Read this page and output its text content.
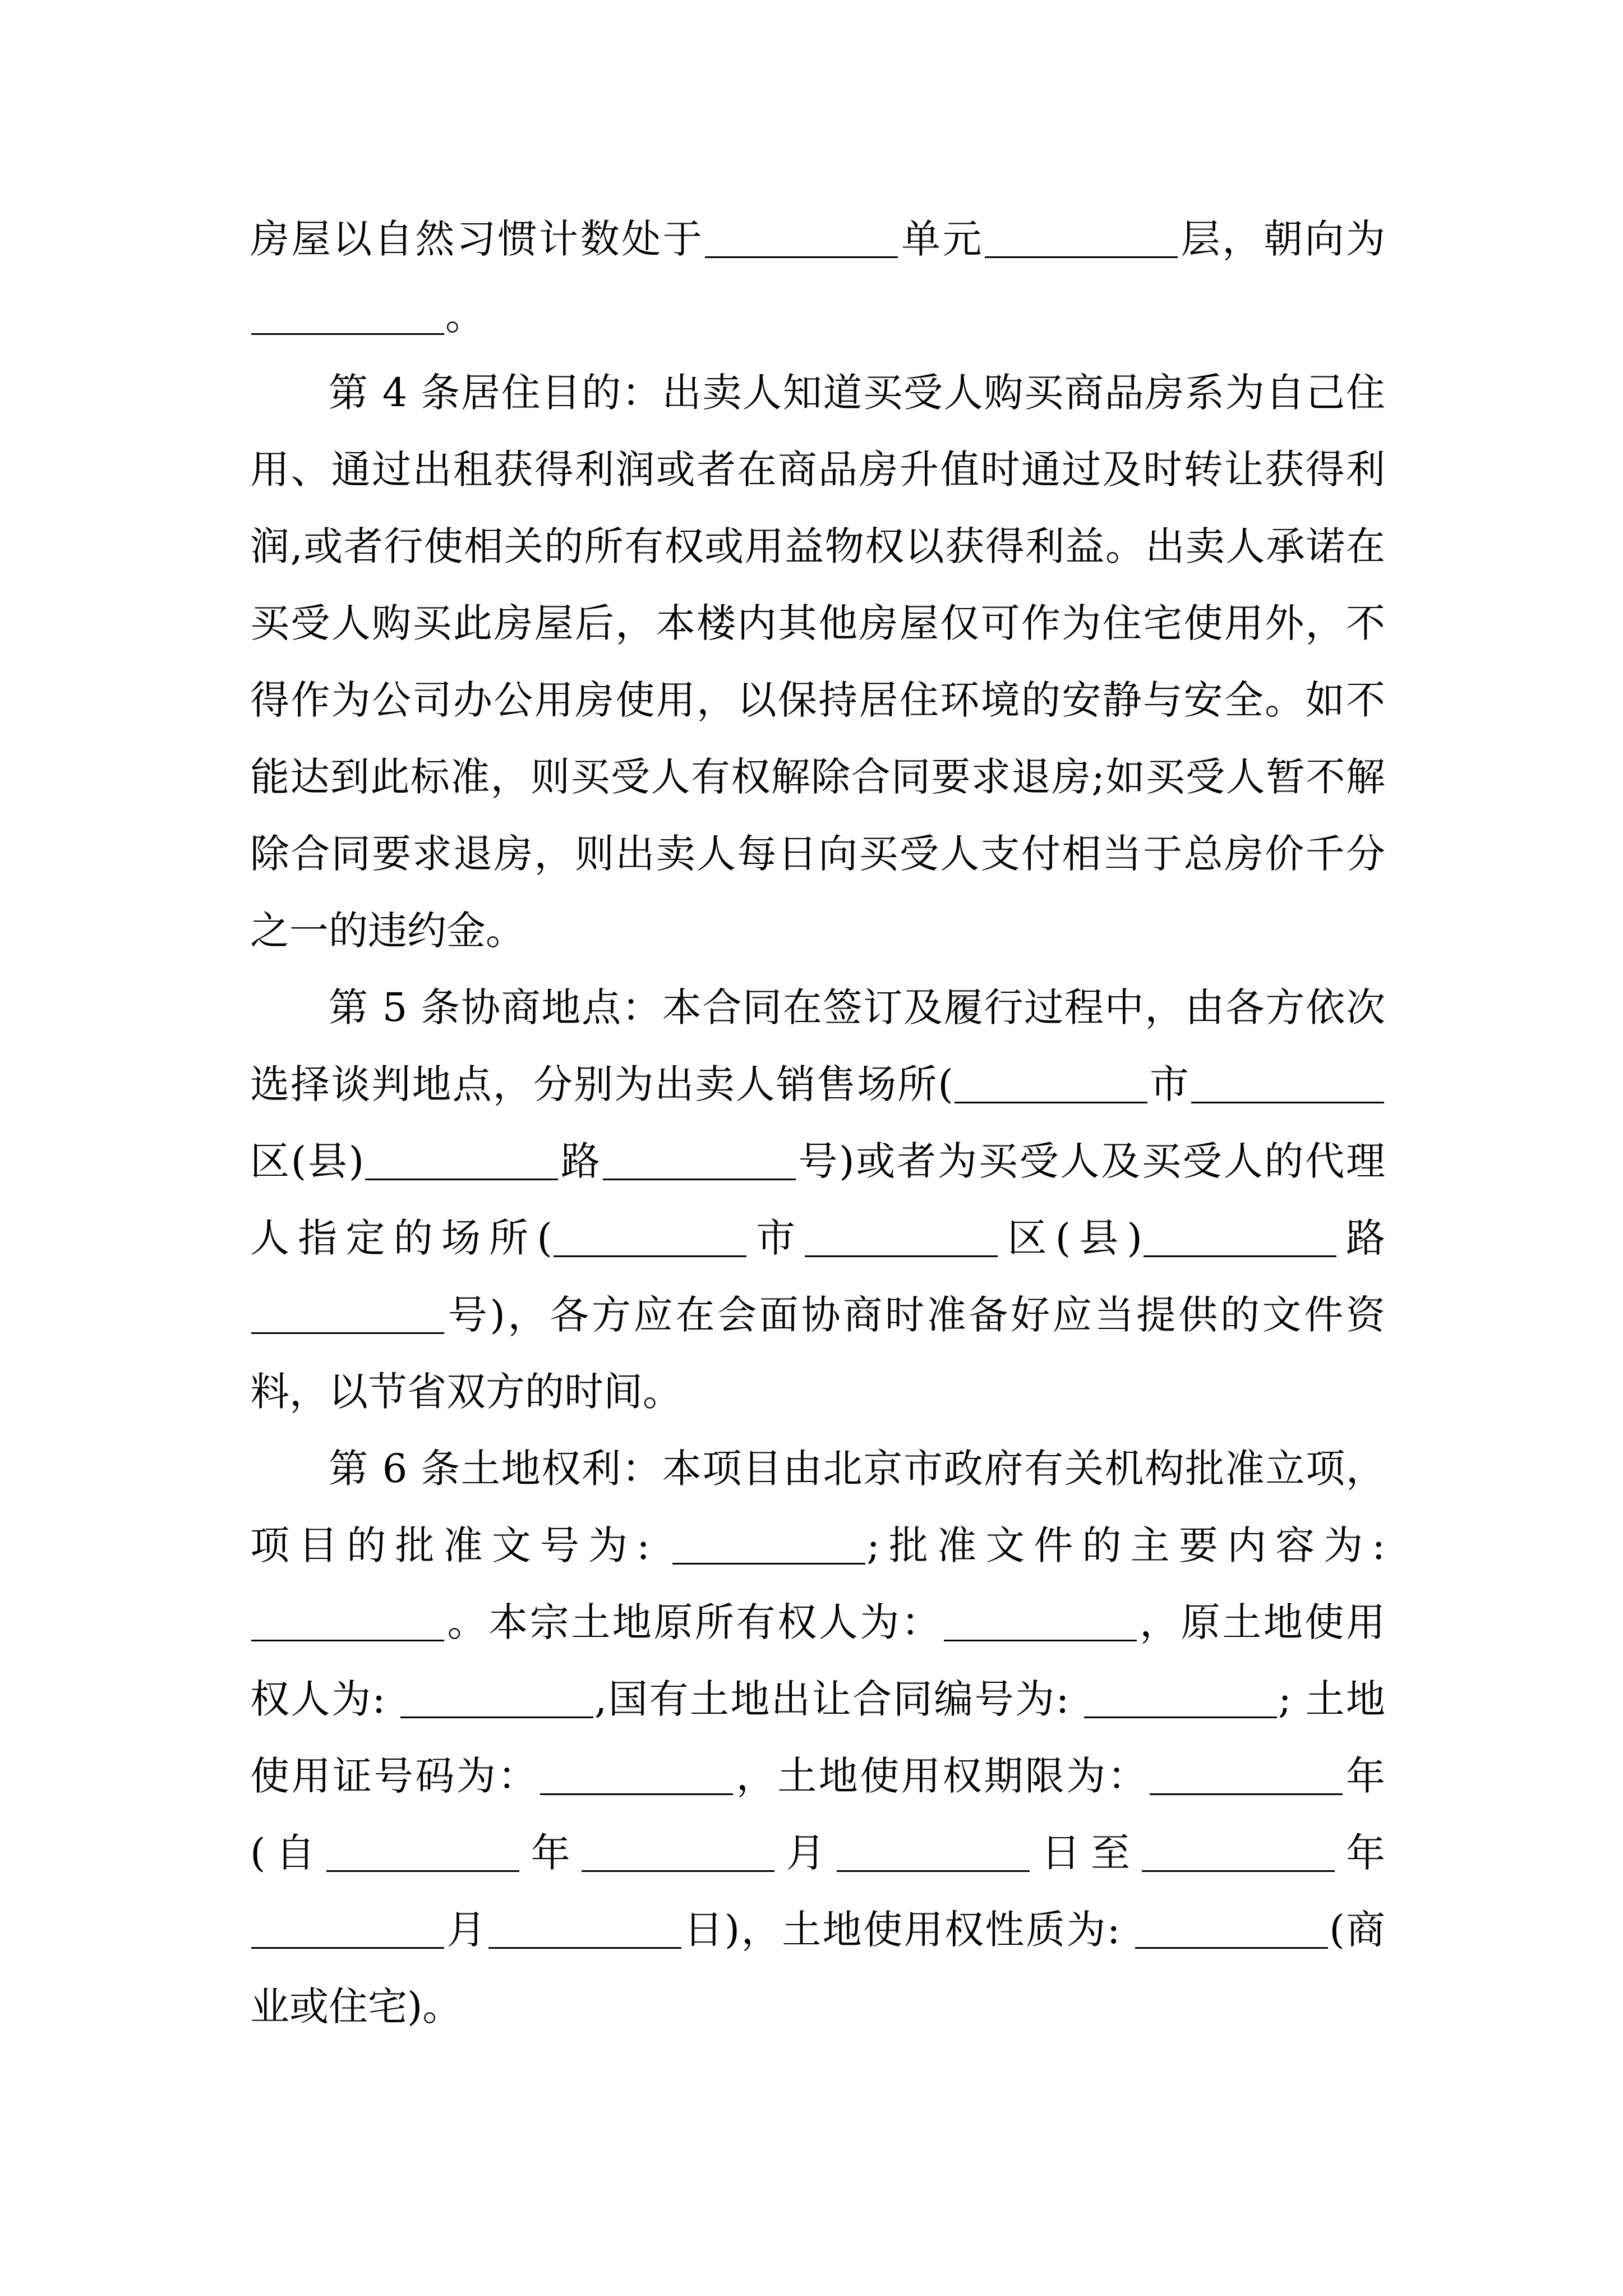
房屋以自然习惯计数处于	单元	层，朝向为。

第 4 条居住目的：出卖人知道买受人购买商品房系为自己住用、通过出租获得利润或者在商品房升值时通过及时转让获得利润,或者行使相关的所有权或用益物权以获得利益。出卖人承诺在买受人购买此房屋后，本楼内其他房屋仅可作为住宅使用外，不得作为公司办公用房使用，以保持居住环境的安静与安全。如不能达到此标准，则买受人有权解除合同要求退房;如买受人暂不解除合同要求退房，则出卖人每日向买受人支付相当于总房价千分之一的违约金。

第 5 条协商地点：本合同在签订及履行过程中，由各方依次选择谈判地点，分别为出卖人销售场所(	市区(县)	路	号)或者为买受人及买受人的代理人指定的场所(	市	区(县)	路号)，各方应在会面协商时准备好应当提供的文件资料，以节省双方的时间。

第 6 条土地权利：本项目由北京市政府有关机构批准立项，项目的批准文号为:	;批准文件的主要内容为: 。本宗土地原所有权人为：	，原土地使用权人为:	,国有土地出让合同编号为:	; 土地使用证号码为：	，土地使用权期限为：	年(自	年	月	日至	年月	日)，土地使用权性质为:	(商业或住宅)。
